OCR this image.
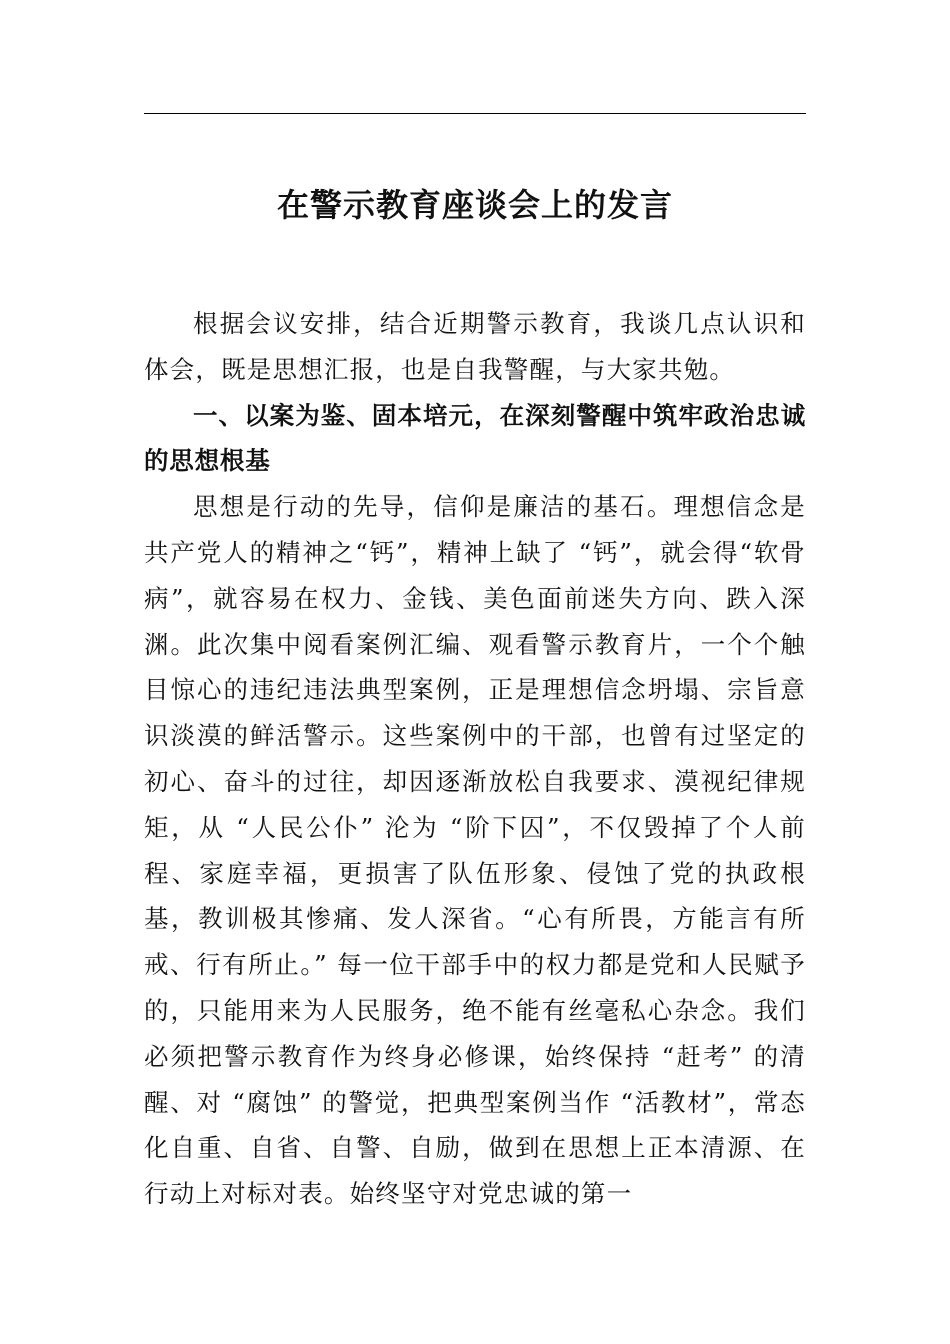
在警示教育座谈会上的发言

根据会议安排，结合近期警示教育，我谈几点认识和体会，既是思想汇报，也是自我警醒，与大家共勉。

一、以案为鉴、固本培元，在深刻警醒中筑牢政治忠诚的思想根基

思想是行动的先导，信仰是廉洁的基石。理想信念是共产党人的精神之“钙”，精神上缺了 “钙”，就会得“软骨病”，就容易在权力、金钱、美色面前迷失方向、跌入深渊。此次集中阅看案例汇编、观看警示教育片，一个个触目惊心的违纪违法典型案例，正是理想信念坍塌、宗旨意识淡漠的鲜活警示。这些案例中的干部，也曾有过坚定的初心、奋斗的过往，却因逐渐放松自我要求、漠视纪律规矩，从 “人民公仆” 沦为 “阶下囚”，不仅毁掉了个人前程、家庭幸福，更损害了队伍形象、侵蚀了党的执政根基，教训极其惨痛、发人深省。“心有所畏，方能言有所戒、行有所止。” 每一位干部手中的权力都是党和人民赋予的，只能用来为人民服务，绝不能有丝毫私心杂念。我们必须把警示教育作为终身必修课，始终保持 “赶考” 的清醒、对 “腐蚀” 的警觉，把典型案例当作 “活教材”，常态化自重、自省、自警、自励，做到在思想上正本清源、在行动上对标对表。始终坚守对党忠诚的第一
